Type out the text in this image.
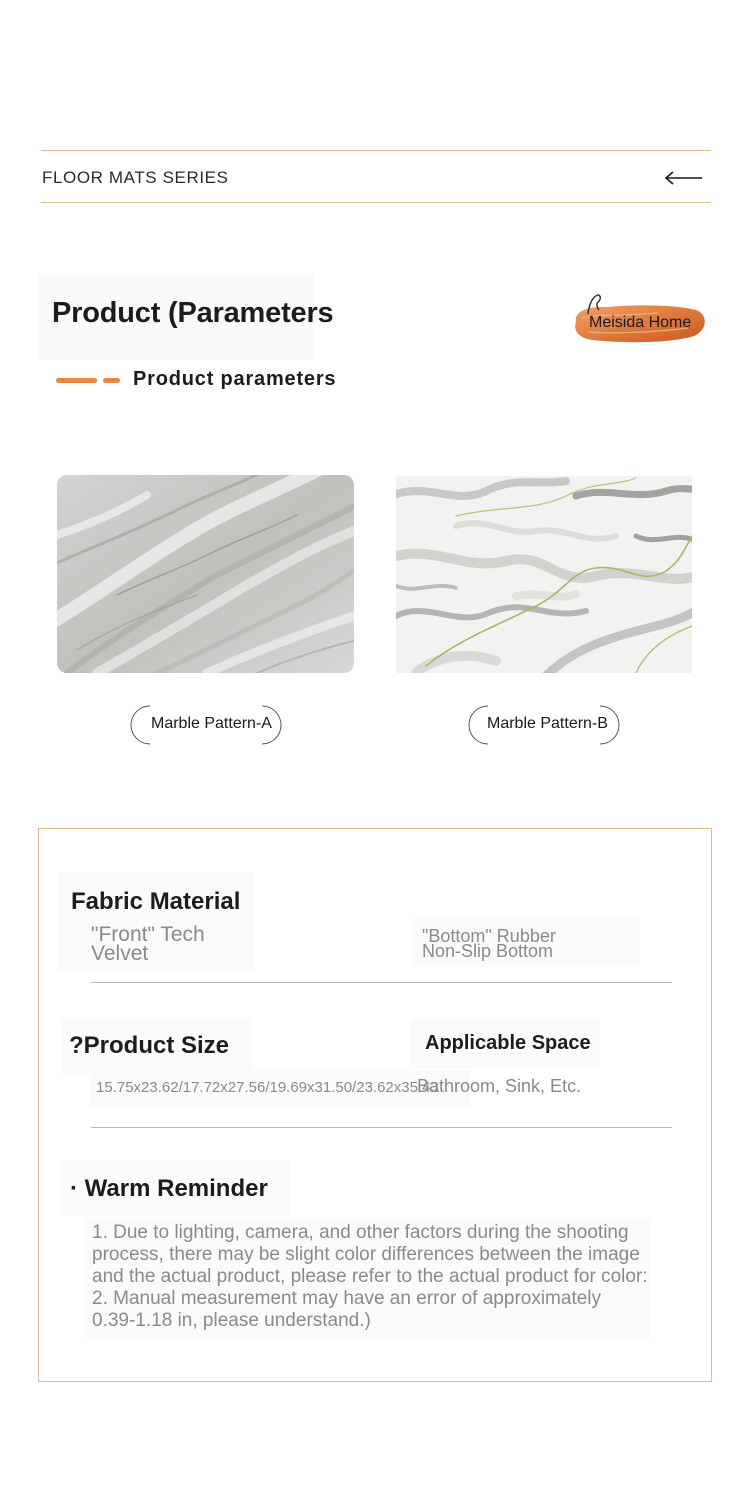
FLOOR MATS SERIES
Product (Parameters	Meisida Home
Product parameters
Marble Pattern-A	Marble Pattern-B
Fabric Material
"Front" Tech Velvet
"Bottom" Rubber Non-Slip Bottom
?Product Size
15.75x23.62/17.72x27.56/19.69x31.50/23.62x35.43
Applicable Space
Bathroom, Sink, Etc.
· Warm Reminder
1. Due to lighting, camera, and other factors during the shooting process, there may be slight color differences between the image and the actual product, please refer to the actual product for color: 2. Manual measurement may have an error of approximately 0.39-1.18 in, please understand.)
